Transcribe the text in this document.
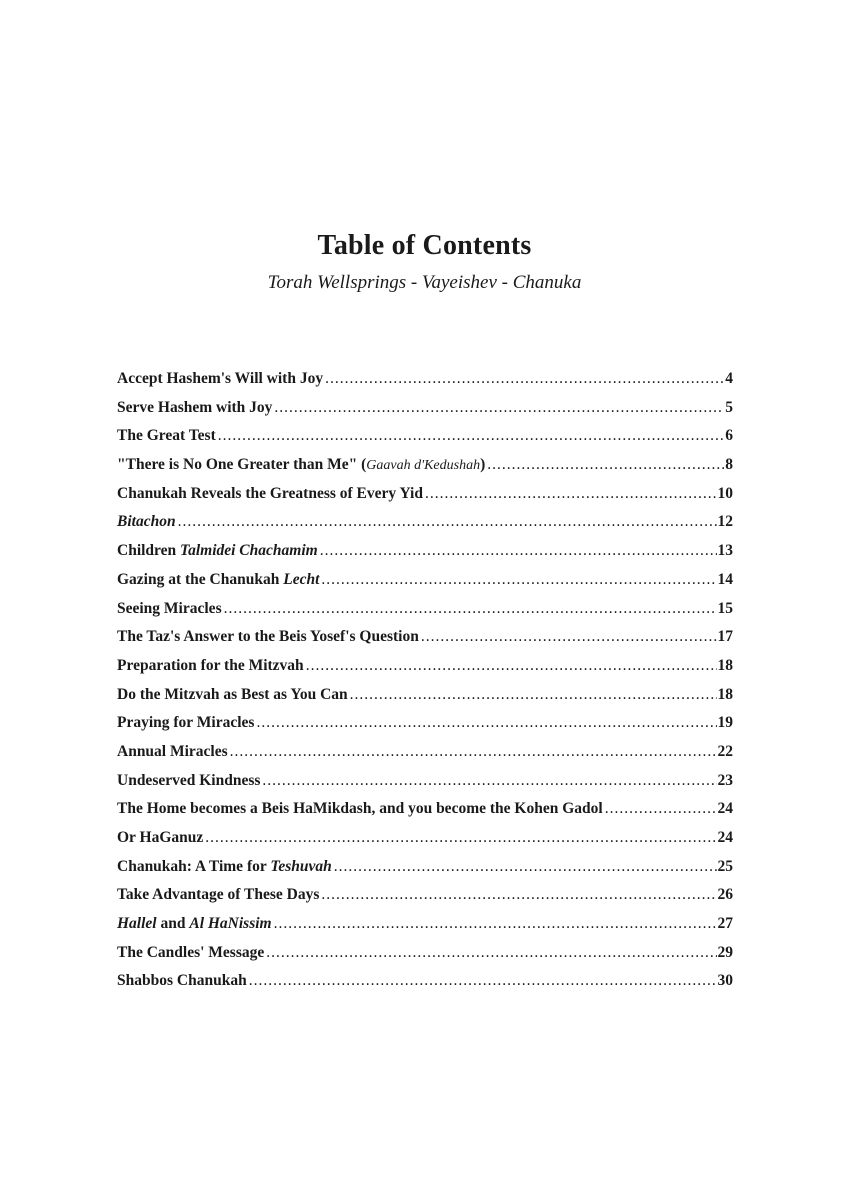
Table of Contents

Torah Wellsprings - Vayeishev - Chanuka

Accept Hashem's Will with Joy .....	4
Serve Hashem with Joy .....	5
The Great Test .....	6
"There is No One Greater than Me" (Gaavah d'Kedushah) .....	8
Chanukah Reveals the Greatness of Every Yid .....	10
Bitachon .....	12
Children Talmidei Chachamim .....	13
Gazing at the Chanukah Lecht .....	14
Seeing Miracles .....	15
The Taz's Answer to the Beis Yosef's Question .....	17
Preparation for the Mitzvah .....	18
Do the Mitzvah as Best as You Can .....	18
Praying for Miracles .....	19
Annual Miracles .....	22
Undeserved Kindness .....	23
The Home becomes a Beis HaMikdash, and you become the Kohen Gadol .....	24
Or HaGanuz .....	24
Chanukah: A Time for Teshuvah .....	25
Take Advantage of These Days .....	26
Hallel and Al HaNissim .....	27
The Candles' Message .....	29
Shabbos Chanukah .....	30
